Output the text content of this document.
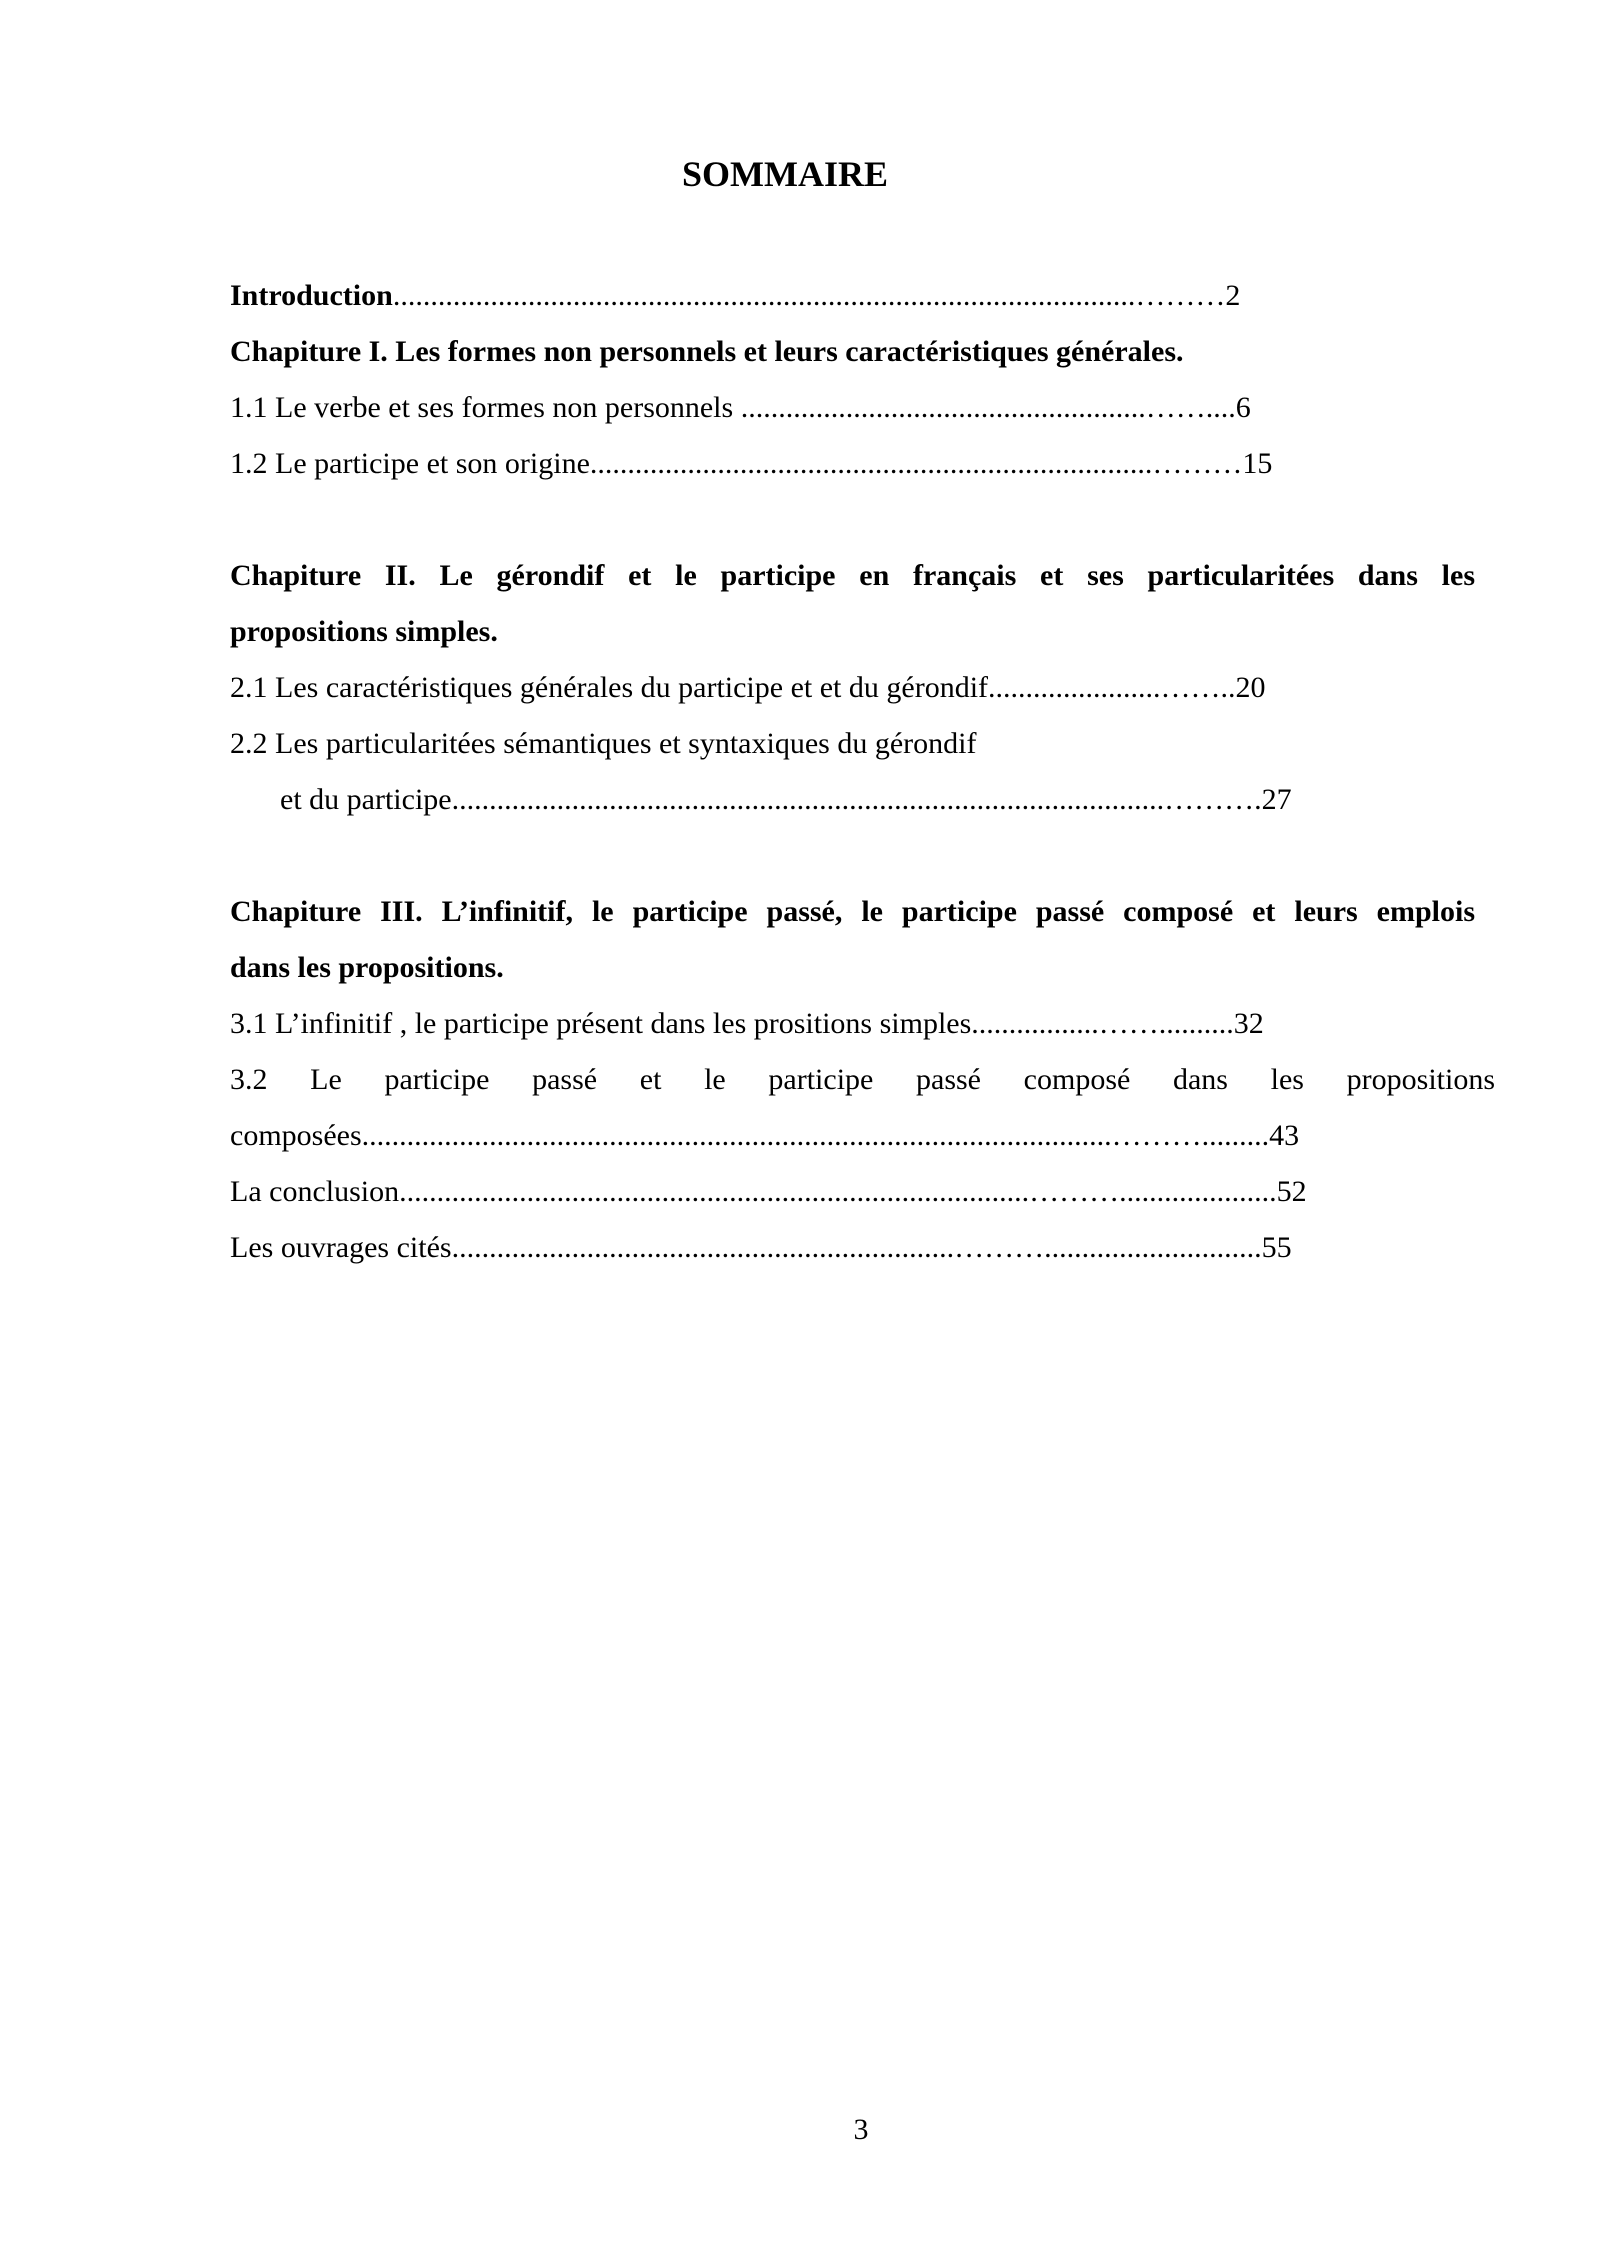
SOMMAIRE
Introduction...................................................................................................………2
Chapiture I. Les formes non personnels et leurs caractéristiques générales.
1.1 Le verbe et ses formes non personnels ......................................................……....6
1.2 Le participe et son origine...........................................................................………15
Chapiture II. Le gérondif et le participe en français et ses particularitées dans les
propositions simples.
2.1 Les caractéristiques générales du participe et et du gérondif.......................……..20
2.2 Les particularitées sémantiques et syntaxiques du gérondif
et du participe...............................................................................................……….27
Chapiture III. L’infinitif, le participe passé, le participe passé composé et leurs emplois
dans les propositions.
3.1 L’infinitif , le participe présent dans les prositions simples.................……..........32
3.2 Le participe passé et le participe passé composé dans les propositions
composées....................................................................................................……….........43
La conclusion....................................................................................……….....................52
Les ouvrages cités...................................................................……….............................55
3
